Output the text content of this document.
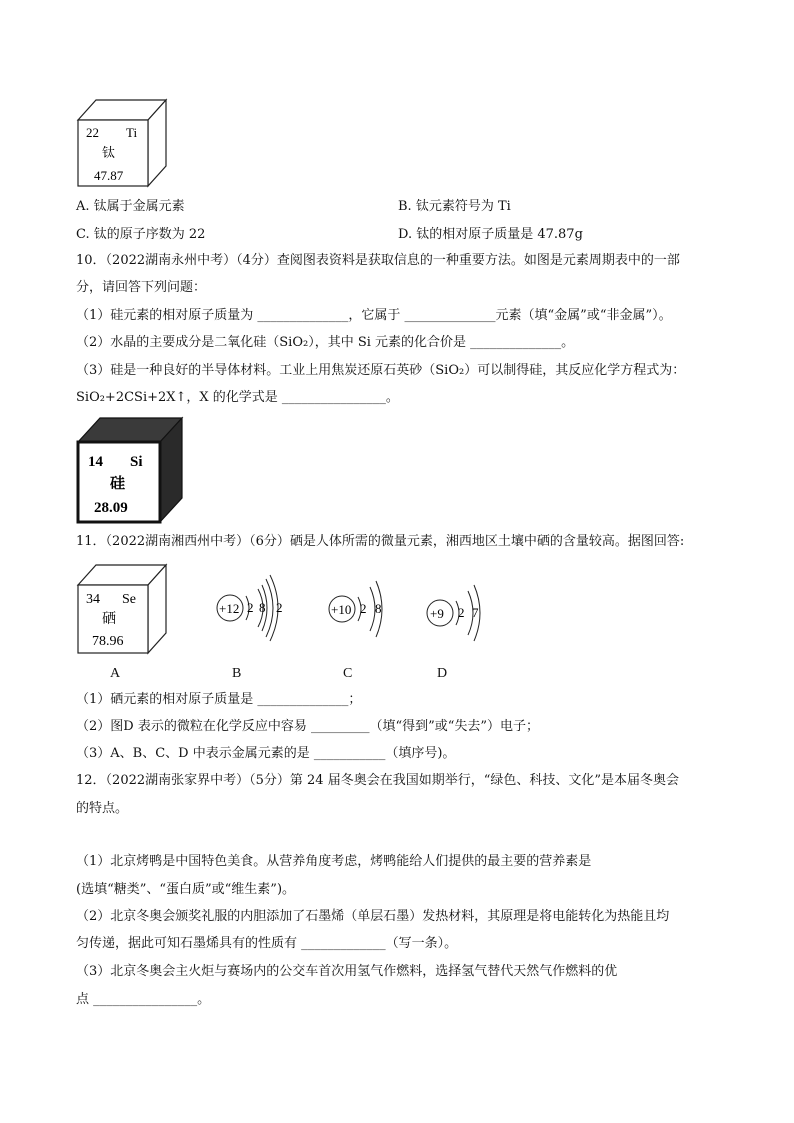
22 Ti
钛
47.87
A. 钛属于金属元素	B. 钛元素符号为 Ti
C. 钛的原子序数为 22	D. 钛的相对原子质量是 47.87g
10．（2022湖南永州中考）（4分）查阅图表资料是获取信息的一种重要方法。如图是元素周期表中的一部
分，请回答下列问题：
（1）硅元素的相对原子质量为 ______________，它属于 ______________元素（填“金属”或“非金属”）。
（2）水晶的主要成分是二氧化硅（SiO₂），其中 Si 元素的化合价是 ______________。
（3）硅是一种良好的半导体材料。工业上用焦炭还原石英砂（SiO₂）可以制得硅，其反应化学方程式为：
SiO₂+2CSi+2X↑，X 的化学式是 ________________。
14 Si
硅
28.09
11．（2022湖南湘西州中考）（6分）硒是人体所需的微量元素，湘西地区土壤中硒的含量较高。据图回答:
34 Se
硒
78.96
+12 2 8 2	+10 2 8	+9 2 7
A	B	C	D
（1）硒元素的相对原子质量是 ______________；
（2）图D 表示的微粒在化学反应中容易 _________（填“得到”或“失去”）电子；
（3）A、B、C、D 中表示金属元素的是 ___________（填序号)。
12．（2022湖南张家界中考）（5分）第 24 届冬奥会在我国如期举行，“绿色、科技、文化”是本届冬奥会
的特点。
（1）北京烤鸭是中国特色美食。从营养角度考虑，烤鸭能给人们提供的最主要的营养素是
(选填“糖类”、“蛋白质”或“维生素”)。
（2）北京冬奥会颁奖礼服的内胆添加了石墨烯（单层石墨）发热材料，其原理是将电能转化为热能且均
匀传递，据此可知石墨烯具有的性质有 _____________（写一条）。
（3）北京冬奥会主火炬与赛场内的公交车首次用氢气作燃料，选择氢气替代天然气作燃料的优
点 ________________。
